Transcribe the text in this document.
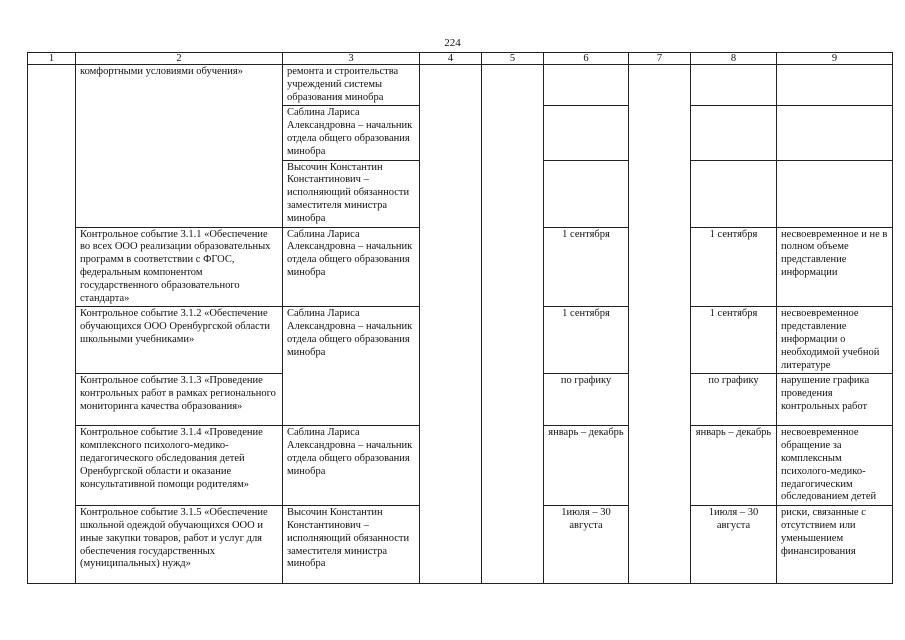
224
1	2	3	4	5	6	7	8	9
	комфортными условиями обучения»	ремонта и строительства учреждений системы образования минобра						
		Саблина Лариса Александровна – начальник отдела общего образования минобра						
		Высочин Константин Константинович – исполняющий обязанности заместителя министра минобра						
	Контрольное событие 3.1.1 «Обеспечение во всех ООО реализации образовательных программ в соответствии с ФГОС, федеральным компонентом государственного образовательного стандарта»	Саблина Лариса Александровна – начальник отдела общего образования минобра			1 сентября		1 сентября	несвоевременное и не в полном объеме представление информации
	Контрольное событие 3.1.2 «Обеспечение обучающихся ООО Оренбургской области школьными учебниками»	Саблина Лариса Александровна – начальник отдела общего образования минобра			1 сентября		1 сентября	несвоевременное представление информации о необходимой учебной литературе
	Контрольное событие 3.1.3 «Проведение контрольных работ в рамках регионального мониторинга качества образования»				по графику		по графику	нарушение графика проведения контрольных работ
	Контрольное событие 3.1.4 «Проведение комплексного психолого-медико-педагогического обследования детей Оренбургской области и оказание консультативной помощи родителям»	Саблина Лариса Александровна – начальник отдела общего образования минобра			январь – декабрь		январь – декабрь	несвоевременное обращение за комплексным психолого-медико-педагогическим обследованием детей
	Контрольное событие 3.1.5 «Обеспечение школьной одеждой обучающихся ООО и иные закупки товаров, работ и услуг для обеспечения государственных (муниципальных) нужд»	Высочин Константин Константинович – исполняющий обязанности заместителя министра минобра			1июля – 30 августа		1июля – 30 августа	риски, связанные с отсутствием или уменьшением финансирования
